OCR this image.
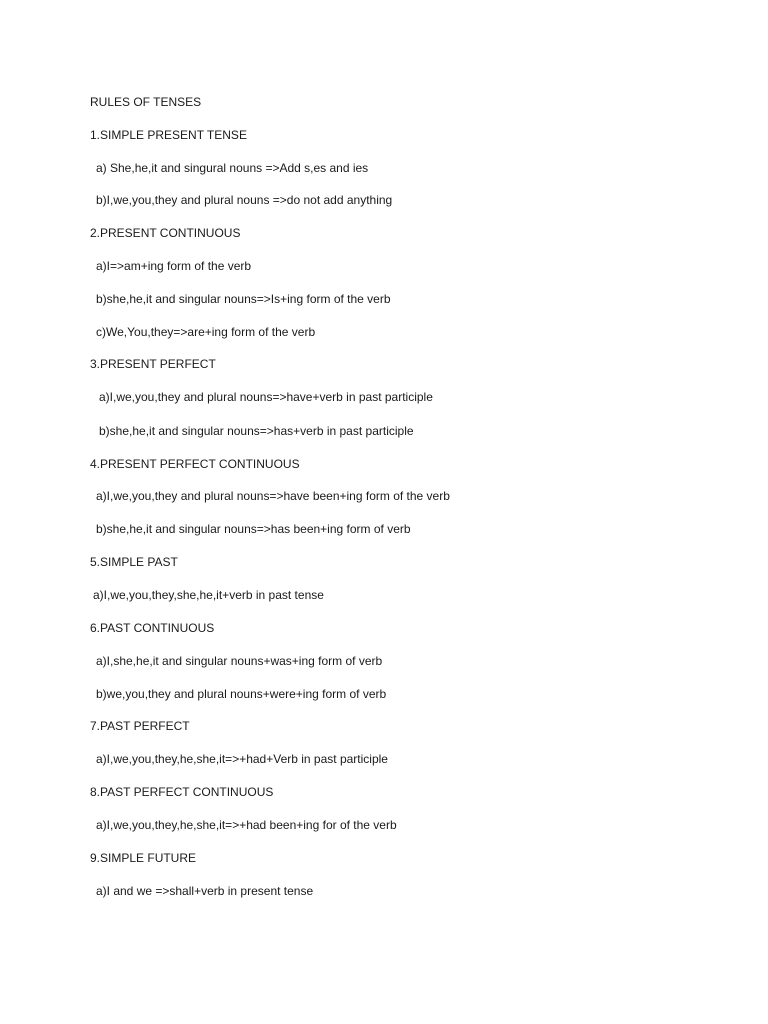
RULES OF TENSES
1.SIMPLE PRESENT TENSE
a) She,he,it and singural nouns =>Add s,es and ies
b)I,we,you,they and plural nouns =>do not add anything
2.PRESENT CONTINUOUS
a)I=>am+ing form of the verb
b)she,he,it and singular nouns=>Is+ing form of the verb
c)We,You,they=>are+ing form of the verb
3.PRESENT PERFECT
a)I,we,you,they and plural nouns=>have+verb in past participle
b)she,he,it and singular nouns=>has+verb in past participle
4.PRESENT PERFECT CONTINUOUS
a)I,we,you,they and plural nouns=>have been+ing form of the verb
b)she,he,it and singular nouns=>has been+ing form of verb
5.SIMPLE PAST
a)I,we,you,they,she,he,it+verb in past tense
6.PAST CONTINUOUS
a)I,she,he,it and singular nouns+was+ing form of verb
b)we,you,they and plural nouns+were+ing form of verb
7.PAST PERFECT
a)I,we,you,they,he,she,it=>+had+Verb in past participle
8.PAST PERFECT CONTINUOUS
a)I,we,you,they,he,she,it=>+had been+ing for of the verb
9.SIMPLE FUTURE
a)I and we =>shall+verb in present tense
